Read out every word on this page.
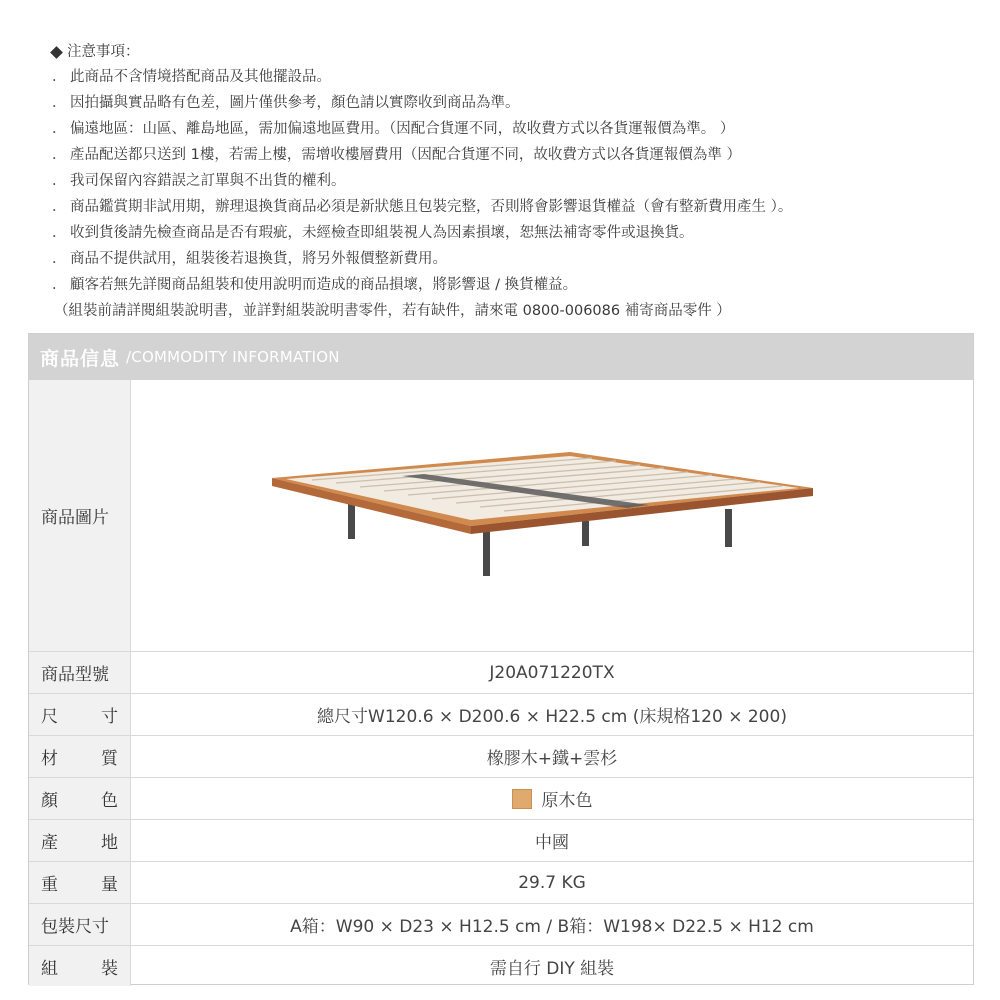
注意事項：
． 此商品不含情境搭配商品及其他擺設品。
． 因拍攝與實品略有色差，圖片僅供參考，顏色請以實際收到商品為準。
． 偏遠地區：山區、離島地區，需加偏遠地區費用。（因配合貨運不同，故收費方式以各貨運報價為準。 ）
． 產品配送都只送到 1樓，若需上樓，需增收樓層費用（因配合貨運不同，故收費方式以各貨運報價為準 ）
． 我司保留內容錯誤之訂單與不出貨的權利。
． 商品鑑賞期非試用期，辦理退換貨商品必須是新狀態且包裝完整，否則將會影響退貨權益（會有整新費用產生 ）。
． 收到貨後請先檢查商品是否有瑕疵，未經檢查即組裝視人為因素損壞，恕無法補寄零件或退換貨。
． 商品不提供試用，組裝後若退換貨，將另外報價整新費用。
． 顧客若無先詳閱商品組裝和使用說明而造成的商品損壞，將影響退 / 換貨權益。
（組裝前請詳閱組裝說明書，並詳對組裝說明書零件，若有缺件，請來電 0800-006086 補寄商品零件 ）
商品信息 /COMMODITY INFORMATION
商品圖片
商品型號	J20A071220TX
尺	寸	總尺寸W120.6 × D200.6 × H22.5 cm (床規格120 × 200)
材	質	橡膠木+鐵+雲杉
顏	色	原木色
產	地	中國
重	量	29.7 KG
包裝尺寸	A箱：W90 × D23 × H12.5 cm / B箱：W198× D22.5 × H12 cm
組	裝	需自行 DIY 組裝
